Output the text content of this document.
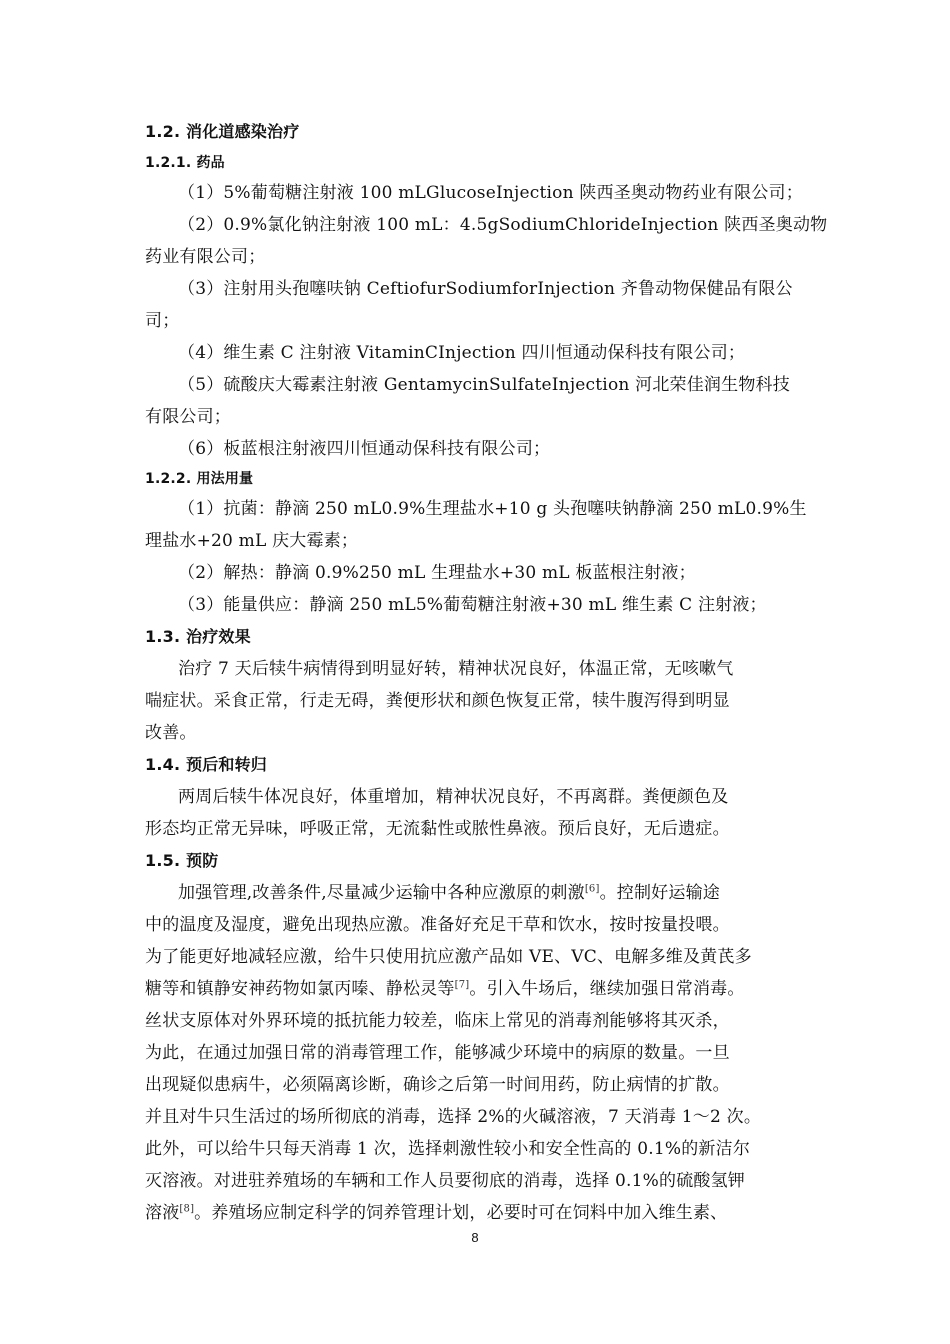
1.2. 消化道感染治疗
1.2.1. 药品
（1）5%葡萄糖注射液 100 mLGlucoseInjection 陕西圣奥动物药业有限公司；
（2）0.9%氯化钠注射液 100 mL：4.5gSodiumChlorideInjection 陕西圣奥动物
药业有限公司；
（3）注射用头孢噻呋钠 CeftiofurSodiumforInjection 齐鲁动物保健品有限公
司；
（4）维生素 C 注射液 VitaminCInjection 四川恒通动保科技有限公司；
（5）硫酸庆大霉素注射液 GentamycinSulfateInjection 河北荣佳润生物科技
有限公司；
（6）板蓝根注射液四川恒通动保科技有限公司；
1.2.2. 用法用量
（1）抗菌：静滴 250 mL0.9%生理盐水+10 g 头孢噻呋钠静滴 250 mL0.9%生
理盐水+20 mL 庆大霉素；
（2）解热：静滴 0.9%250 mL 生理盐水+30 mL 板蓝根注射液；
（3）能量供应：静滴 250 mL5%葡萄糖注射液+30 mL 维生素 C 注射液；
1.3. 治疗效果
治疗 7 天后犊牛病情得到明显好转，精神状况良好，体温正常，无咳嗽气
喘症状。采食正常，行走无碍，粪便形状和颜色恢复正常，犊牛腹泻得到明显
改善。
1.4. 预后和转归
两周后犊牛体况良好，体重增加，精神状况良好，不再离群。粪便颜色及
形态均正常无异味，呼吸正常，无流黏性或脓性鼻液。预后良好，无后遗症。
1.5. 预防
加强管理,改善条件,尽量减少运输中各种应激原的刺激[6]。控制好运输途
中的温度及湿度，避免出现热应激。准备好充足干草和饮水，按时按量投喂。
为了能更好地减轻应激，给牛只使用抗应激产品如 VE、VC、电解多维及黄芪多
糖等和镇静安神药物如氯丙嗪、静松灵等[7]。引入牛场后，继续加强日常消毒。
丝状支原体对外界环境的抵抗能力较差，临床上常见的消毒剂能够将其灭杀，
为此，在通过加强日常的消毒管理工作，能够减少环境中的病原的数量。一旦
出现疑似患病牛，必须隔离诊断，确诊之后第一时间用药，防止病情的扩散。
并且对牛只生活过的场所彻底的消毒，选择 2%的火碱溶液，7 天消毒 1～2 次。
此外，可以给牛只每天消毒 1 次，选择刺激性较小和安全性高的 0.1%的新洁尔
灭溶液。对进驻养殖场的车辆和工作人员要彻底的消毒，选择 0.1%的硫酸氢钾
溶液[8]。养殖场应制定科学的饲养管理计划，必要时可在饲料中加入维生素、
8
